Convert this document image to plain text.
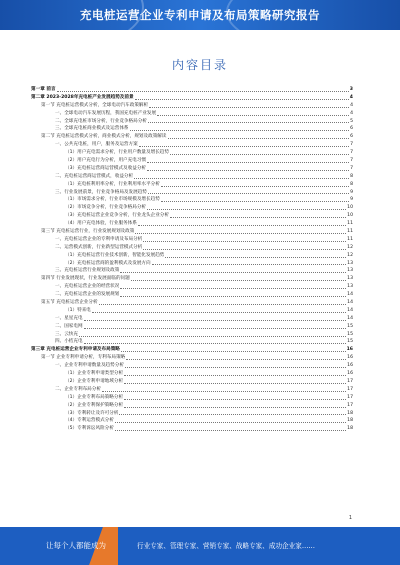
充电桩运营企业专利申请及布局策略研究报告
内容目录
第一章 前言	3
第二章 2023-2028年充电桩产业发展趋势及前景	4
第一节 充电桩运营模式分析，全球电动汽车政策解析	4
一、全球电动汽车发展历程，我国充电桩产业发展	4
二、全球充电桩市场分析，行业竞争格局分析	5
三、全球充电桩商业模式及运营体系	6
第二节 充电桩运营模式分析，商业模式分析，规划及政策解读	6
一、公共充电桩，用户，服务及运营方案	7
（1）用户充电需求分析，行业用户数量及增长趋势	7
（2）用户充电行为分析，用户充电习惯	7
（3）充电桩运营商运营模式及收益分析	7
二、充电桩运营商运营模式，收益分析	8
（1）充电桩利用率分析，行业利用率水平分析	8
三、行业发展前景，行业竞争格局及发展趋势	9
（1）市场需求分析，行业市场规模及增长趋势	9
（2）市场竞争分析，行业竞争格局分析	10
（3）充电桩运营企业竞争分析，行业龙头企业分析	10
（4）用户充电体验，行业服务体系	11
第三节 充电桩运营行业，行业发展规划及政策	11
一、充电桩运营企业的专利申请及布局分析	11
二、运营模式创新，行业新型运营模式分析	12
（1）充电桩运营行业技术创新，智能化发展趋势	12
（2）充电桩运营商的盈利模式及发展方向	13
三、充电桩运营行业规划及政策	13
第四节 行业发展现状，行业发展面临的问题	13
一、充电桩运营企业的经营状况	13
二、充电桩运营企业的发展规划	14
第五节 充电桩运营企业分析	14
（1）特来电	14
一、星星充电	14
二、国家电网	15
三、云快充	15
四、小桔充电	15
第三章 充电桩运营企业专利申请及布局策略	16
第一节 企业专利申请分析，专利布局策略	16
一、企业专利申请数量及趋势分析	16
（1）企业专利申请类型分析	16
（2）企业专利申请地域分析	17
二、企业专利布局分析	17
（1）企业专利布局策略分析	17
（2）企业专利保护策略分析	17
（3）专利转让及许可分析	18
（4）专利运营模式分析	18
（5）专利诉讼风险分析	18
1
让每个人都能成为	行业专家、管理专家、营销专家、战略专家、成功企业家……
